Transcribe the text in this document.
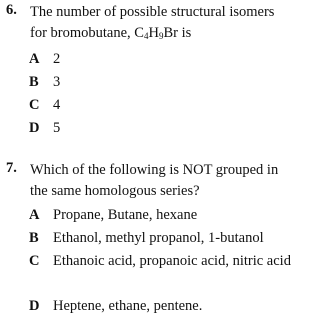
6. The number of possible structural isomers
for bromobutane, $C_4H_9Br$ is
A 2
B 3
C 4
D 5
7. Which of the following is NOT grouped in
the same homologous series?
A Propane, Butane, hexane
B Ethanol, methyl propanol, 1-butanol
C Ethanoic acid, propanoic acid, nitric acid
D Heptene, ethane, pentene.
